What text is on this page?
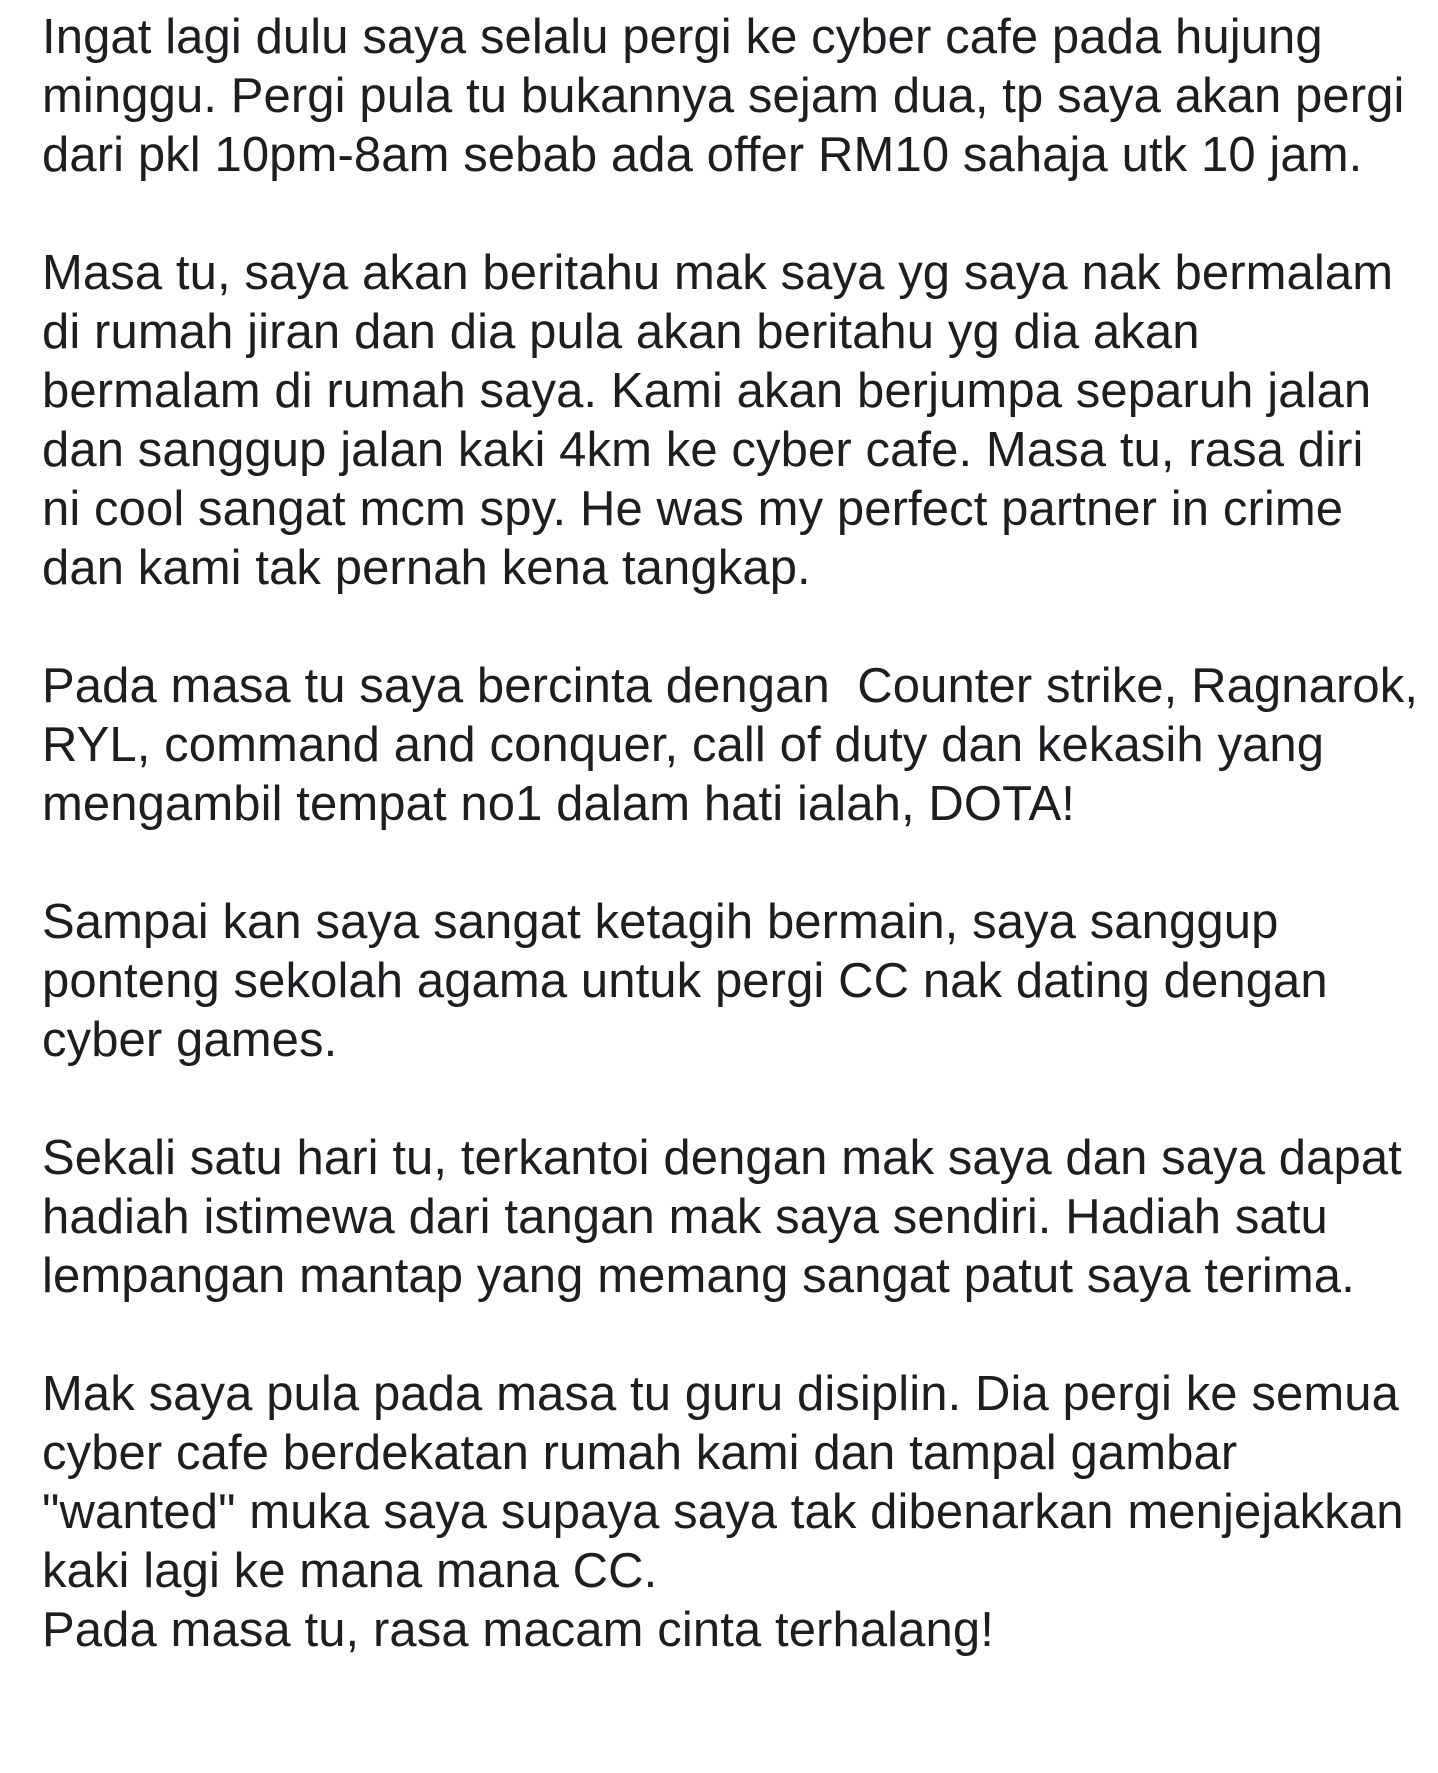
Ingat lagi dulu saya selalu pergi ke cyber cafe pada hujung
minggu. Pergi pula tu bukannya sejam dua, tp saya akan pergi
dari pkl 10pm-8am sebab ada offer RM10 sahaja utk 10 jam.
Masa tu, saya akan beritahu mak saya yg saya nak bermalam
di rumah jiran dan dia pula akan beritahu yg dia akan
bermalam di rumah saya. Kami akan berjumpa separuh jalan
dan sanggup jalan kaki 4km ke cyber cafe. Masa tu, rasa diri
ni cool sangat mcm spy. He was my perfect partner in crime
dan kami tak pernah kena tangkap.
Pada masa tu saya bercinta dengan  Counter strike, Ragnarok,
RYL, command and conquer, call of duty dan kekasih yang
mengambil tempat no1 dalam hati ialah, DOTA!
Sampai kan saya sangat ketagih bermain, saya sanggup
ponteng sekolah agama untuk pergi CC nak dating dengan
cyber games.
Sekali satu hari tu, terkantoi dengan mak saya dan saya dapat
hadiah istimewa dari tangan mak saya sendiri. Hadiah satu
lempangan mantap yang memang sangat patut saya terima.
Mak saya pula pada masa tu guru disiplin. Dia pergi ke semua
cyber cafe berdekatan rumah kami dan tampal gambar
"wanted" muka saya supaya saya tak dibenarkan menjejakkan
kaki lagi ke mana mana CC.
Pada masa tu, rasa macam cinta terhalang!
